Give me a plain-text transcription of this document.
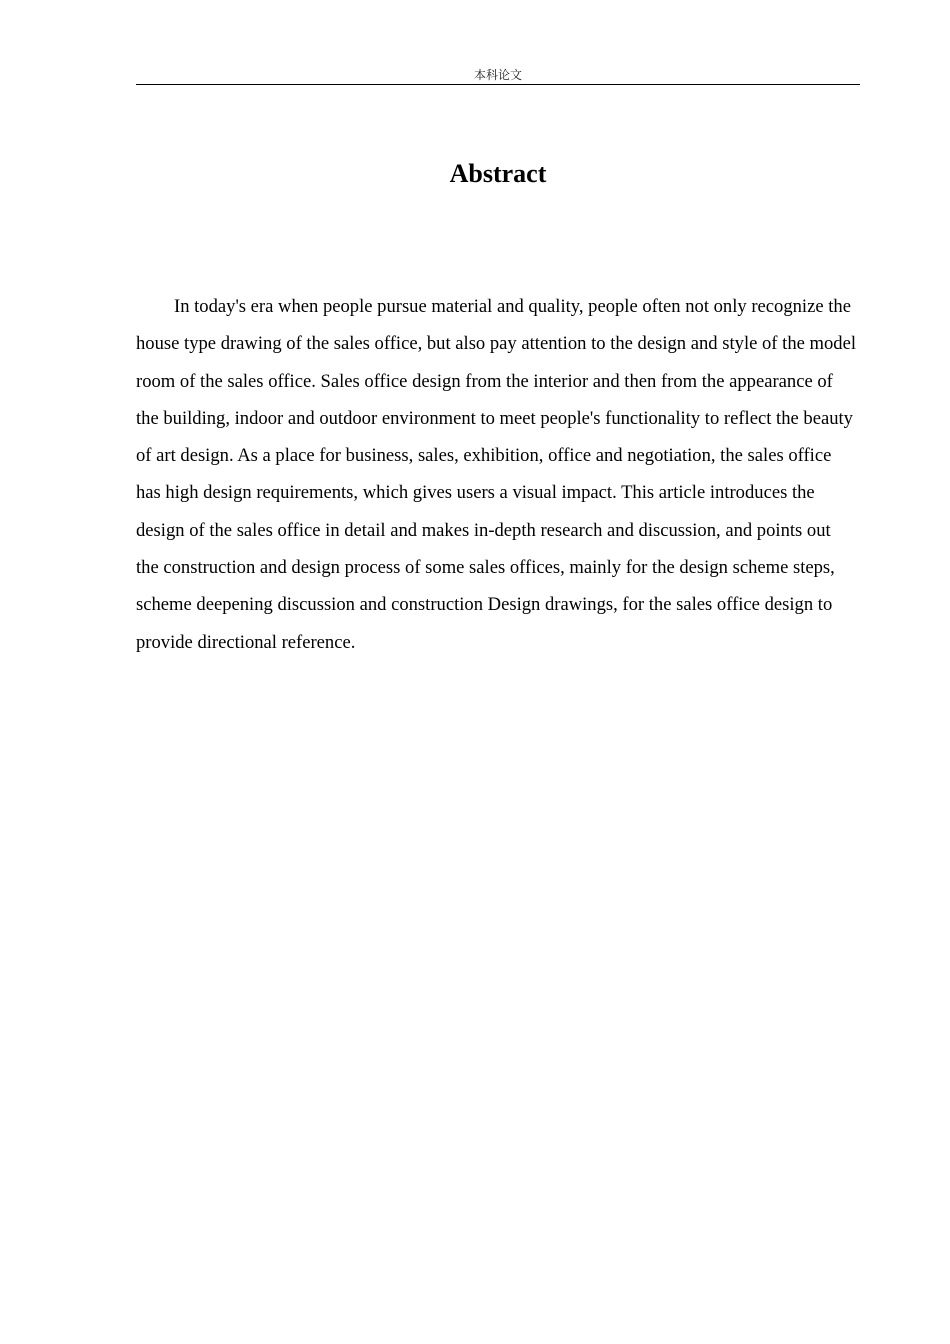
本科论文
Abstract

In today's era when people pursue material and quality, people often not only recognize the house type drawing of the sales office, but also pay attention to the design and style of the model room of the sales office. Sales office design from the interior and then from the appearance of the building, indoor and outdoor environment to meet people's functionality to reflect the beauty of art design. As a place for business, sales, exhibition, office and negotiation, the sales office has high design requirements, which gives users a visual impact. This article introduces the design of the sales office in detail and makes in-depth research and discussion, and points out the construction and design process of some sales offices, mainly for the design scheme steps, scheme deepening discussion and construction Design drawings, for the sales office design to provide directional reference.
